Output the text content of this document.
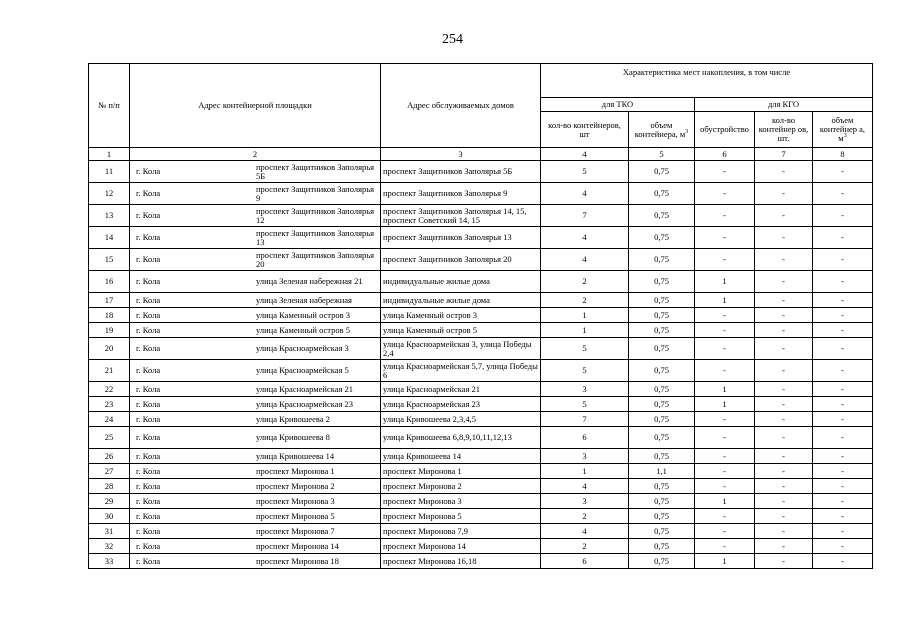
254
№ п/п	Адрес контейнерной площадки	Адрес обслуживаемых домов	Характеристика мест накопления, в том числе				
			для ТКО		для КГО		
			кол-во контейнеров, шт	объем контейнера, $м^3$	обустройство	кол-во контейнер ов, шт.	объем контейнер а, $м^3$
1	2	3	4	5	6	7	8
11	г. Кола проспект Защитников Заполярья 5Б	проспект Защитников Заполярья 5Б	5	0,75	-	-	-
12	г. Кола проспект Защитников Заполярья 9	проспект Защитников Заполярья 9	4	0,75	-	-	-
13	г. Кола проспект Защитников Заполярья 12	проспект Защитников Заполярья 14, 15, проспект Советский 14, 15	7	0,75	-	-	-
14	г. Кола проспект Защитников Заполярья 13	проспект Защитников Заполярья 13	4	0,75	-	-	-
15	г. Кола проспект Защитников Заполярья 20	проспект Защитников Заполярья 20	4	0,75	-	-	-
16	г. Кола улица Зеленая набережная 21	индивидуальные жилые дома	2	0,75	1	-	-
17	г. Кола улица Зеленая набережная	индивидуальные жилые дома	2	0,75	1	-	-
18	г. Кола улица Каменный остров 3	улица Каменный остров 3	1	0,75	-	-	-
19	г. Кола улица Каменный остров 5	улица Каменный остров 5	1	0,75	-	-	-
20	г. Кола улица Красноармейская 3	улица Красноармейская 3, улица Победы 2,4	5	0,75	-	-	-
21	г. Кола улица Красноармейская 5	улица Красноармейская 5,7, улица Победы 6	5	0,75	-	-	-
22	г. Кола улица Красноармейская 21	улица Красноармейская 21	3	0,75	1	-	-
23	г. Кола улица Красноармейская 23	улица Красноармейская 23	5	0,75	1	-	-
24	г. Кола улица Кривошеева 2	улица Кривошеева 2,3,4,5	7	0,75	-	-	-
25	г. Кола улица Кривошеева 8	улица Кривошеева 6,8,9,10,11,12,13	6	0,75	-	-	-
26	г. Кола улица Кривошеева 14	улица Кривошеева 14	3	0,75	-	-	-
27	г. Кола проспект Миронова 1	проспект Миронова 1	1	1,1	-	-	-
28	г. Кола проспект Миронова 2	проспект Миронова 2	4	0,75	-	-	-
29	г. Кола проспект Миронова 3	проспект Миронова 3	3	0,75	1	-	-
30	г. Кола проспект Миронова 5	проспект Миронова 5	2	0,75	-	-	-
31	г. Кола проспект Миронова 7	проспект Миронова 7,9	4	0,75	-	-	-
32	г. Кола проспект Миронова 14	проспект Миронова 14	2	0,75	-	-	-
33	г. Кола проспект Миронова 18	проспект Миронова 16,18	6	0,75	1	-	-
